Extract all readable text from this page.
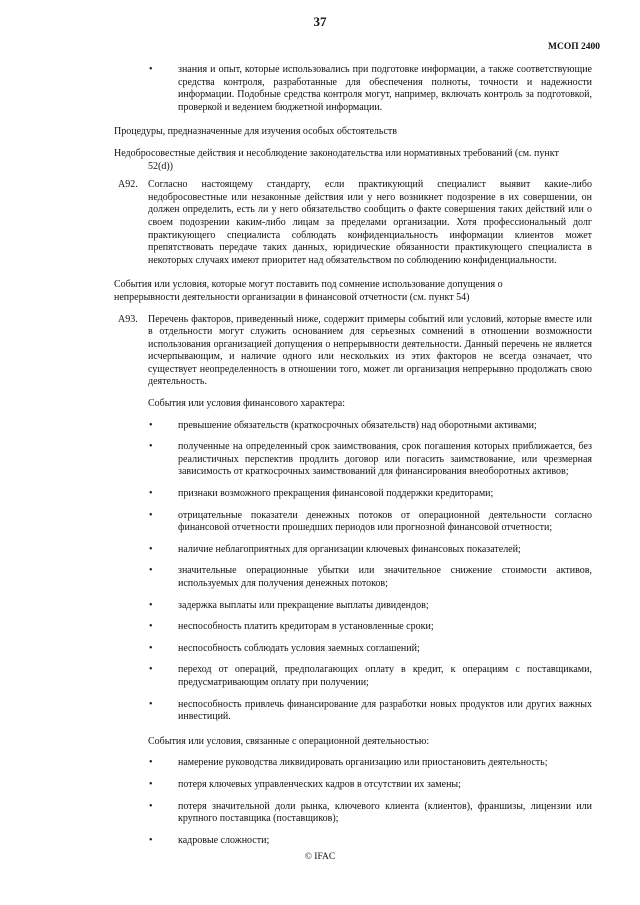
37
МСОП 2400
•	знания и опыт, которые использовались при подготовке информации, а также соответствующие средства контроля, разработанные для обеспечения полноты, точности и надежности информации. Подобные средства контроля могут, например, включать контроль за подготовкой, проверкой и ведением бюджетной информации.
Процедуры, предназначенные для изучения особых обстоятельств
Недобросовестные действия и несоблюдение законодательства или нормативных требований (см. пункт
52(d))
А92. Согласно настоящему стандарту, если практикующий специалист выявит какие-либо недобросовестные или незаконные действия или у него возникнет подозрение в их совершении, он должен определить, есть ли у него обязательство сообщить о факте совершения таких действий или о своем подозрении каким-либо лицам за пределами организации. Хотя профессиональный долг практикующего специалиста соблюдать конфиденциальность информации клиентов может препятствовать передаче таких данных, юридические обязанности практикующего специалиста в некоторых случаях имеют приоритет над обязательством по соблюдению конфиденциальности.
События или условия, которые могут поставить под сомнение использование допущения о
непрерывности деятельности организации в финансовой отчетности (см. пункт 54)
А93. Перечень факторов, приведенный ниже, содержит примеры событий или условий, которые вместе или в отдельности могут служить основанием для серьезных сомнений в отношении возможности использования организацией допущения о непрерывности деятельности. Данный перечень не является исчерпывающим, и наличие одного или нескольких из этих факторов не всегда означает, что существует неопределенность в отношении того, может ли организация непрерывно продолжать свою деятельность.
События или условия финансового характера:
•	превышение обязательств (краткосрочных обязательств) над оборотными активами;
•	полученные на определенный срок заимствования, срок погашения которых приближается, без реалистичных перспектив продлить договор или погасить заимствование, или чрезмерная зависимость от краткосрочных заимствований для финансирования внеоборотных активов;
•	признаки возможного прекращения финансовой поддержки кредиторами;
•	отрицательные показатели денежных потоков от операционной деятельности согласно финансовой отчетности прошедших периодов или прогнозной финансовой отчетности;
•	наличие неблагоприятных для организации ключевых финансовых показателей;
•	значительные операционные убытки или значительное снижение стоимости активов, используемых для получения денежных потоков;
•	задержка выплаты или прекращение выплаты дивидендов;
•	неспособность платить кредиторам в установленные сроки;
•	неспособность соблюдать условия заемных соглашений;
•	переход от операций, предполагающих оплату в кредит, к операциям с поставщиками, предусматривающим оплату при получении;
•	неспособность привлечь финансирование для разработки новых продуктов или других важных инвестиций.
События или условия, связанные с операционной деятельностью:
•	намерение руководства ликвидировать организацию или приостановить деятельность;
•	потеря ключевых управленческих кадров в отсутствии их замены;
•	потеря значительной доли рынка, ключевого клиента (клиентов), франшизы, лицензии или крупного поставщика (поставщиков);
•	кадровые сложности;
© IFAC
